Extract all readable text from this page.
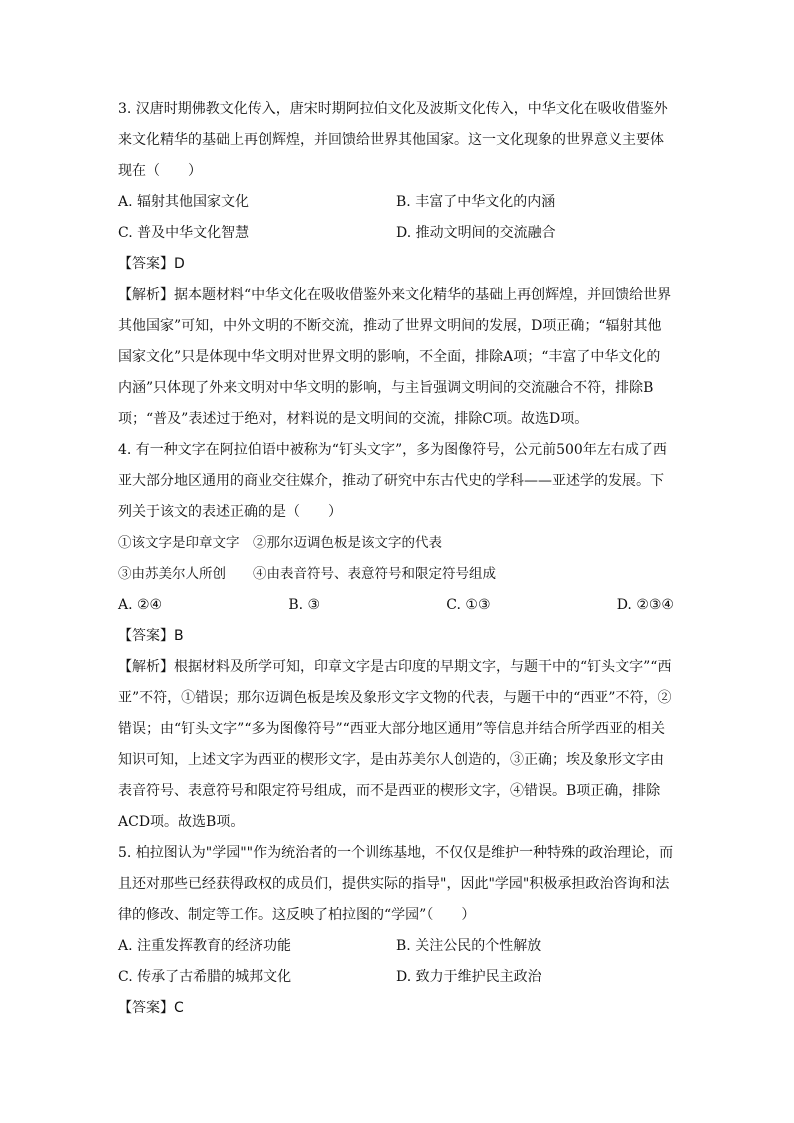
3. 汉唐时期佛教文化传入，唐宋时期阿拉伯文化及波斯文化传入，中华文化在吸收借鉴外
来文化精华的基础上再创辉煌，并回馈给世界其他国家。这一文化现象的世界意义主要体
现在（　　）
A. 辐射其他国家文化	B. 丰富了中华文化的内涵
C. 普及中华文化智慧	D. 推动文明间的交流融合
【答案】D
【解析】据本题材料“中华文化在吸收借鉴外来文化精华的基础上再创辉煌，并回馈给世界
其他国家”可知，中外文明的不断交流，推动了世界文明间的发展，D项正确；“辐射其他
国家文化”只是体现中华文明对世界文明的影响，不全面，排除A项；“丰富了中华文化的
内涵”只体现了外来文明对中华文明的影响，与主旨强调文明间的交流融合不符，排除B
项；“普及”表述过于绝对，材料说的是文明间的交流，排除C项。故选D项。
4. 有一种文字在阿拉伯语中被称为“钉头文字”，多为图像符号，公元前500年左右成了西
亚大部分地区通用的商业交往媒介，推动了研究中东古代史的学科——亚述学的发展。下
列关于该文的表述正确的是（　　）
①该文字是印章文字　②那尔迈调色板是该文字的代表
③由苏美尔人所创　　④由表音符号、表意符号和限定符号组成
A. ②④	B. ③	C. ①③	D. ②③④
【答案】B
【解析】根据材料及所学可知，印章文字是古印度的早期文字，与题干中的“钉头文字”“西
亚”不符，①错误；那尔迈调色板是埃及象形文字文物的代表，与题干中的“西亚”不符，②
错误；由“钉头文字”“多为图像符号”“西亚大部分地区通用”等信息并结合所学西亚的相关
知识可知，上述文字为西亚的楔形文字，是由苏美尔人创造的，③正确；埃及象形文字由
表音符号、表意符号和限定符号组成，而不是西亚的楔形文字，④错误。B项正确，排除
ACD项。故选B项。
5. 柏拉图认为"学园""作为统治者的一个训练基地，不仅仅是维护一种特殊的政治理论，而
且还对那些已经获得政权的成员们，提供实际的指导"，因此"学园"积极承担政治咨询和法
律的修改、制定等工作。这反映了柏拉图的“学园”（　　）
A. 注重发挥教育的经济功能	B. 关注公民的个性解放
C. 传承了古希腊的城邦文化	D. 致力于维护民主政治
【答案】C
